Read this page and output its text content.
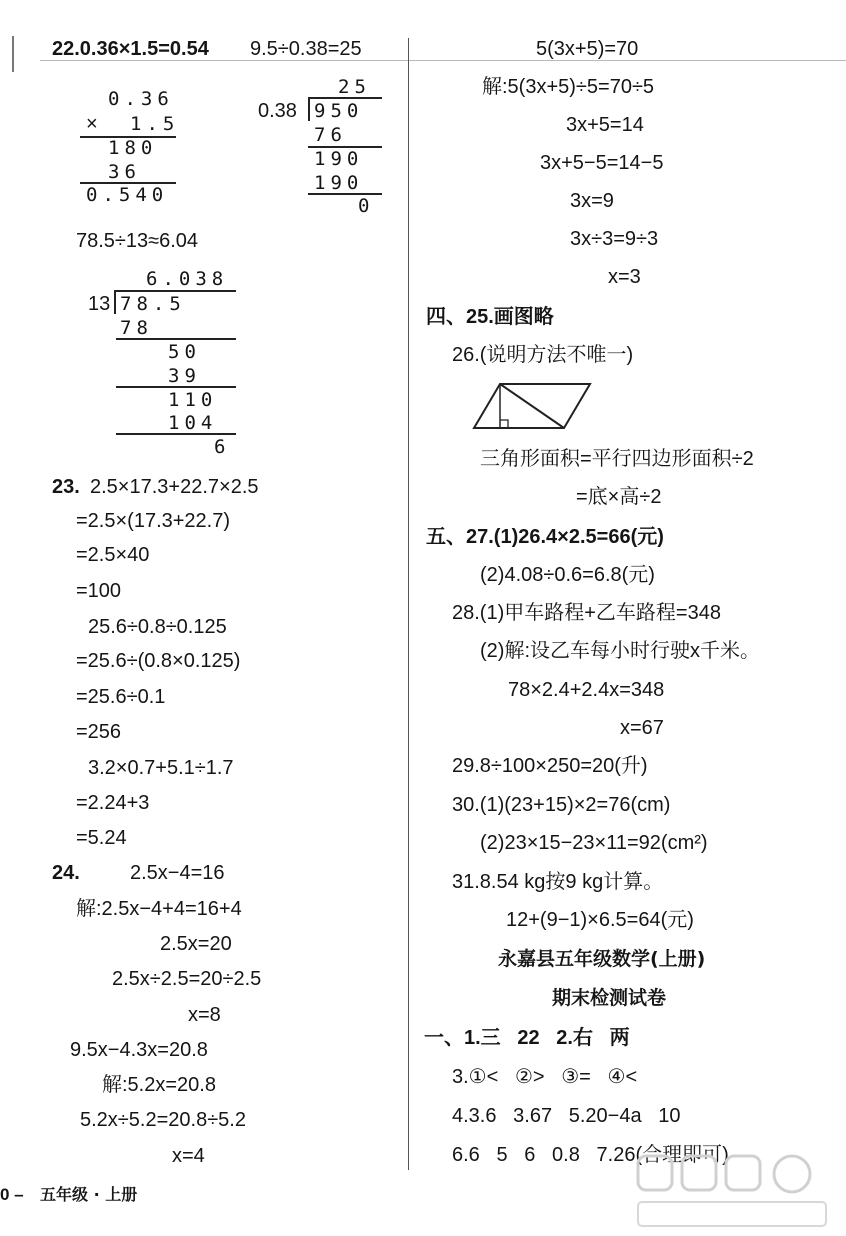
22.0.36×1.5=0.54 9.5÷0.38=25
0.36
× 1.5
180
36
0.540
25
0.38 950
76
190
190
0
78.5÷13≈6.04
6.038
13 78.5
78
50
39
110
104
6
23. 2.5×17.3+22.7×2.5
=2.5×(17.3+22.7)
=2.5×40
=100
25.6÷0.8÷0.125
=25.6÷(0.8×0.125)
=25.6÷0.1
=256
3.2×0.7+5.1÷1.7
=2.24+3
=5.24
24.	2.5x−4=16
解:2.5x−4+4=16+4
2.5x=20
2.5x÷2.5=20÷2.5
x=8
9.5x−4.3x=20.8
解:5.2x=20.8
5.2x÷5.2=20.8÷5.2
x=4
5(3x+5)=70
解:5(3x+5)÷5=70÷5
3x+5=14
3x+5−5=14−5
3x=9
3x÷3=9÷3
x=3
四、25.画图略
26.(说明方法不唯一)
三角形面积=平行四边形面积÷2
=底×高÷2
五、27.(1)26.4×2.5=66(元)
(2)4.08÷0.6=6.8(元)
28.(1)甲车路程+乙车路程=348
(2)解:设乙车每小时行驶x千米。
78×2.4+2.4x=348
x=67
29.8÷100×250=20(升)
30.(1)(23+15)×2=76(cm)
(2)23×15−23×11=92(cm²)
31.8.54 kg按9 kg计算。
12+(9−1)×6.5=64(元)
永嘉县五年级数学(上册)
期末检测试卷
一、1.三   22   2.右   两
3.①<   ②>   ③=   ④<
4.3.6   3.67   5.20−4a   10
6.6   5   6   0.8   7.26(合理即可)
0 – 五年级 · 上册
